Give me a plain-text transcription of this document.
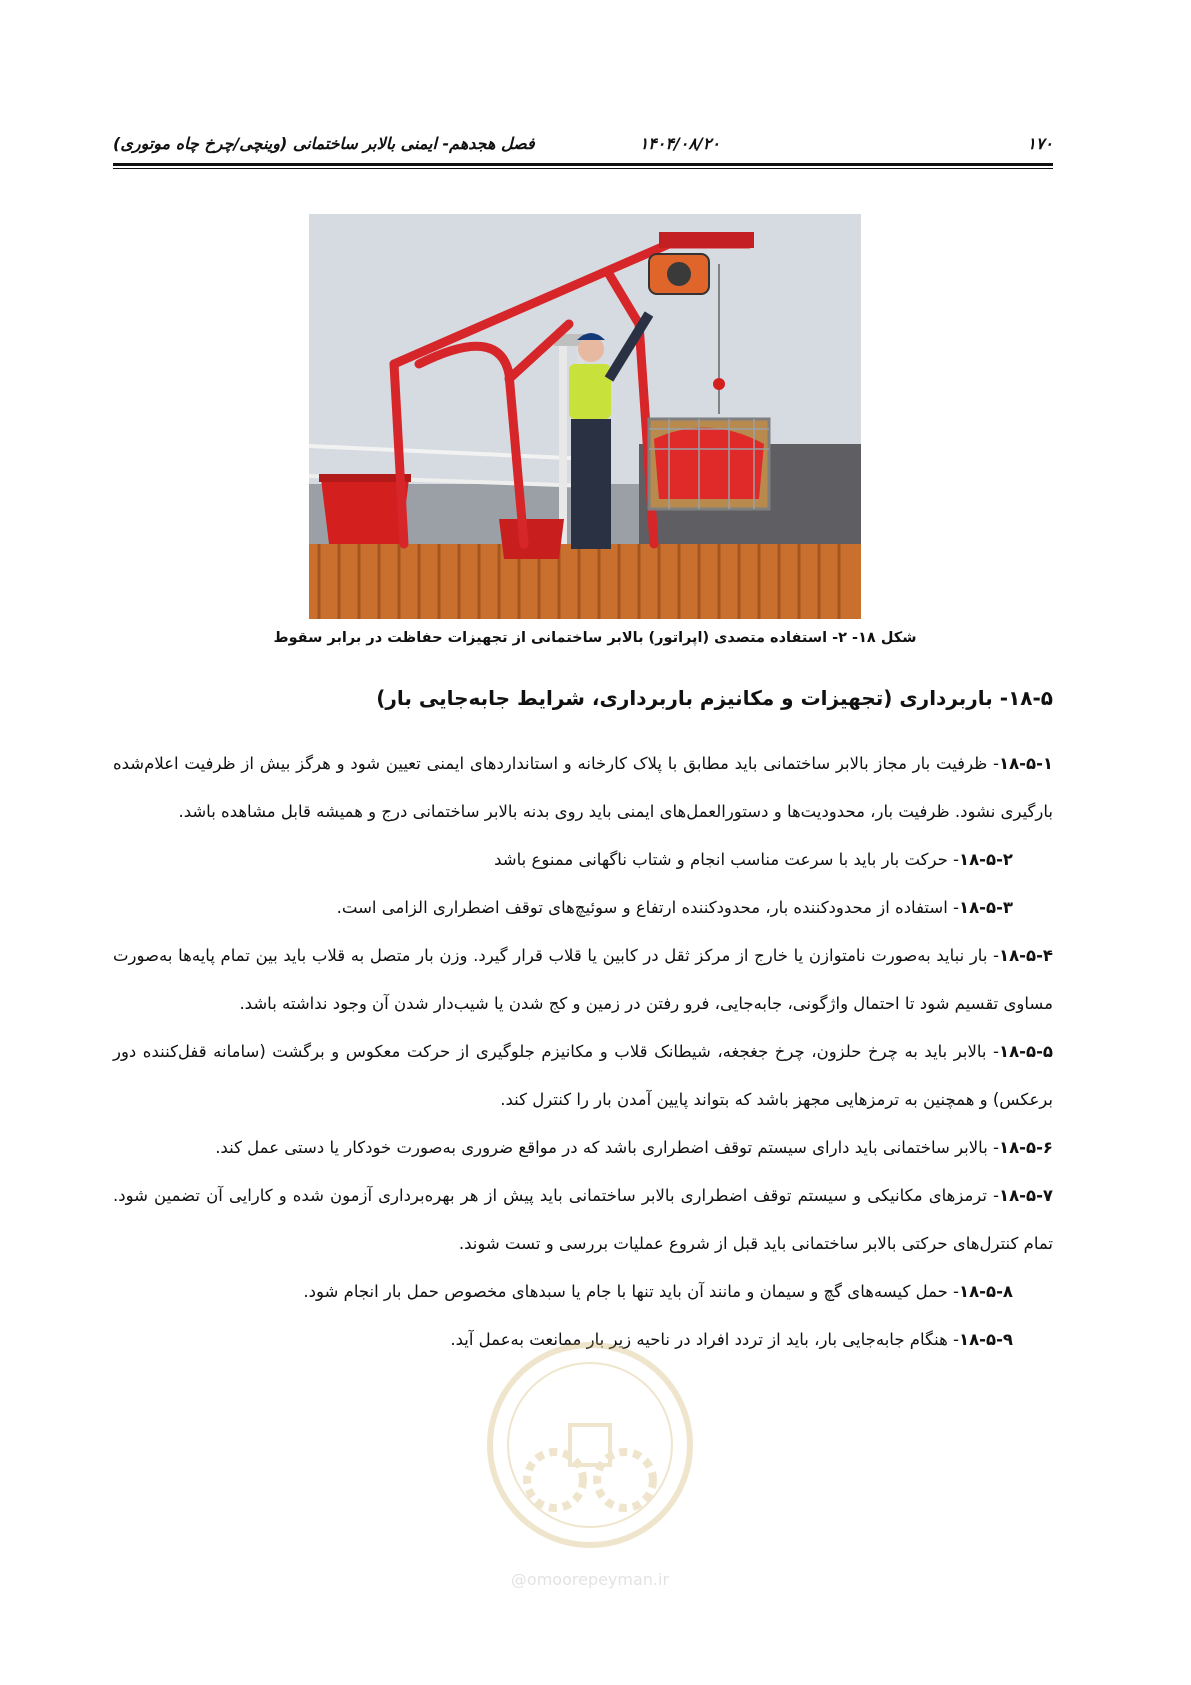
۱۷۰
۱۴۰۴/۰۸/۲۰
فصل هجدهم- ایمنی بالابر ساختمانی (وینچی/چرخ چاه موتوری)
شکل ۱۸- ۲- استفاده متصدی (اپراتور) بالابر ساختمانی از تجهیزات حفاظت در برابر سقوط
۱۸-۵- باربرداری (تجهیزات و مکانیزم باربرداری، شرایط جابه‌جایی بار)

۱۸-۵-۱- ظرفیت بار مجاز بالابر ساختمانی باید مطابق با پلاک کارخانه و استانداردهای ایمنی تعیین شود و هرگز بیش از ظرفیت اعلام‌شده بارگیری نشود. ظرفیت بار، محدودیت‌ها و دستورالعمل‌های ایمنی باید روی بدنه بالابر ساختمانی درج و همیشه قابل مشاهده باشد.

۱۸-۵-۲- حرکت بار باید با سرعت مناسب انجام و شتاب ناگهانی ممنوع باشد

۱۸-۵-۳- استفاده از محدودکننده بار، محدودکننده ارتفاع و سوئیچ‌های توقف اضطراری الزامی است.

۱۸-۵-۴- بار نباید به‌صورت نامتوازن یا خارج از مرکز ثقل در کابین یا قلاب قرار گیرد. وزن بار متصل به قلاب باید بین تمام پایه‌ها به‌صورت مساوی تقسیم شود تا احتمال واژگونی، جابه‌جایی، فرو رفتن در زمین و کج شدن یا شیب‌دار شدن آن وجود نداشته باشد.

۱۸-۵-۵- بالابر باید به چرخ حلزون، چرخ جغجغه، شیطانک قلاب و مکانیزم جلوگیری از حرکت معکوس و برگشت (سامانه قفل‌کننده دور برعکس) و همچنین به ترمزهایی مجهز باشد که بتواند پایین آمدن بار را کنترل کند.

۱۸-۵-۶- بالابر ساختمانی باید دارای سیستم توقف اضطراری باشد که در مواقع ضروری به‌صورت خودکار یا دستی عمل کند.

۱۸-۵-۷- ترمزهای مکانیکی و سیستم توقف اضطراری بالابر ساختمانی باید پیش از هر بهره‌برداری آزمون شده و کارایی آن تضمین شود. تمام کنترل‌های حرکتی بالابر ساختمانی باید قبل از شروع عملیات بررسی و تست شوند.

۱۸-۵-۸- حمل کیسه‌های گچ و سیمان و مانند آن باید تنها با جام یا سبدهای مخصوص حمل بار انجام شود.

۱۸-۵-۹- هنگام جابه‌جایی بار، باید از تردد افراد در ناحیه زیر بار ممانعت به‌عمل آید.

@omoorepeyman.ir
